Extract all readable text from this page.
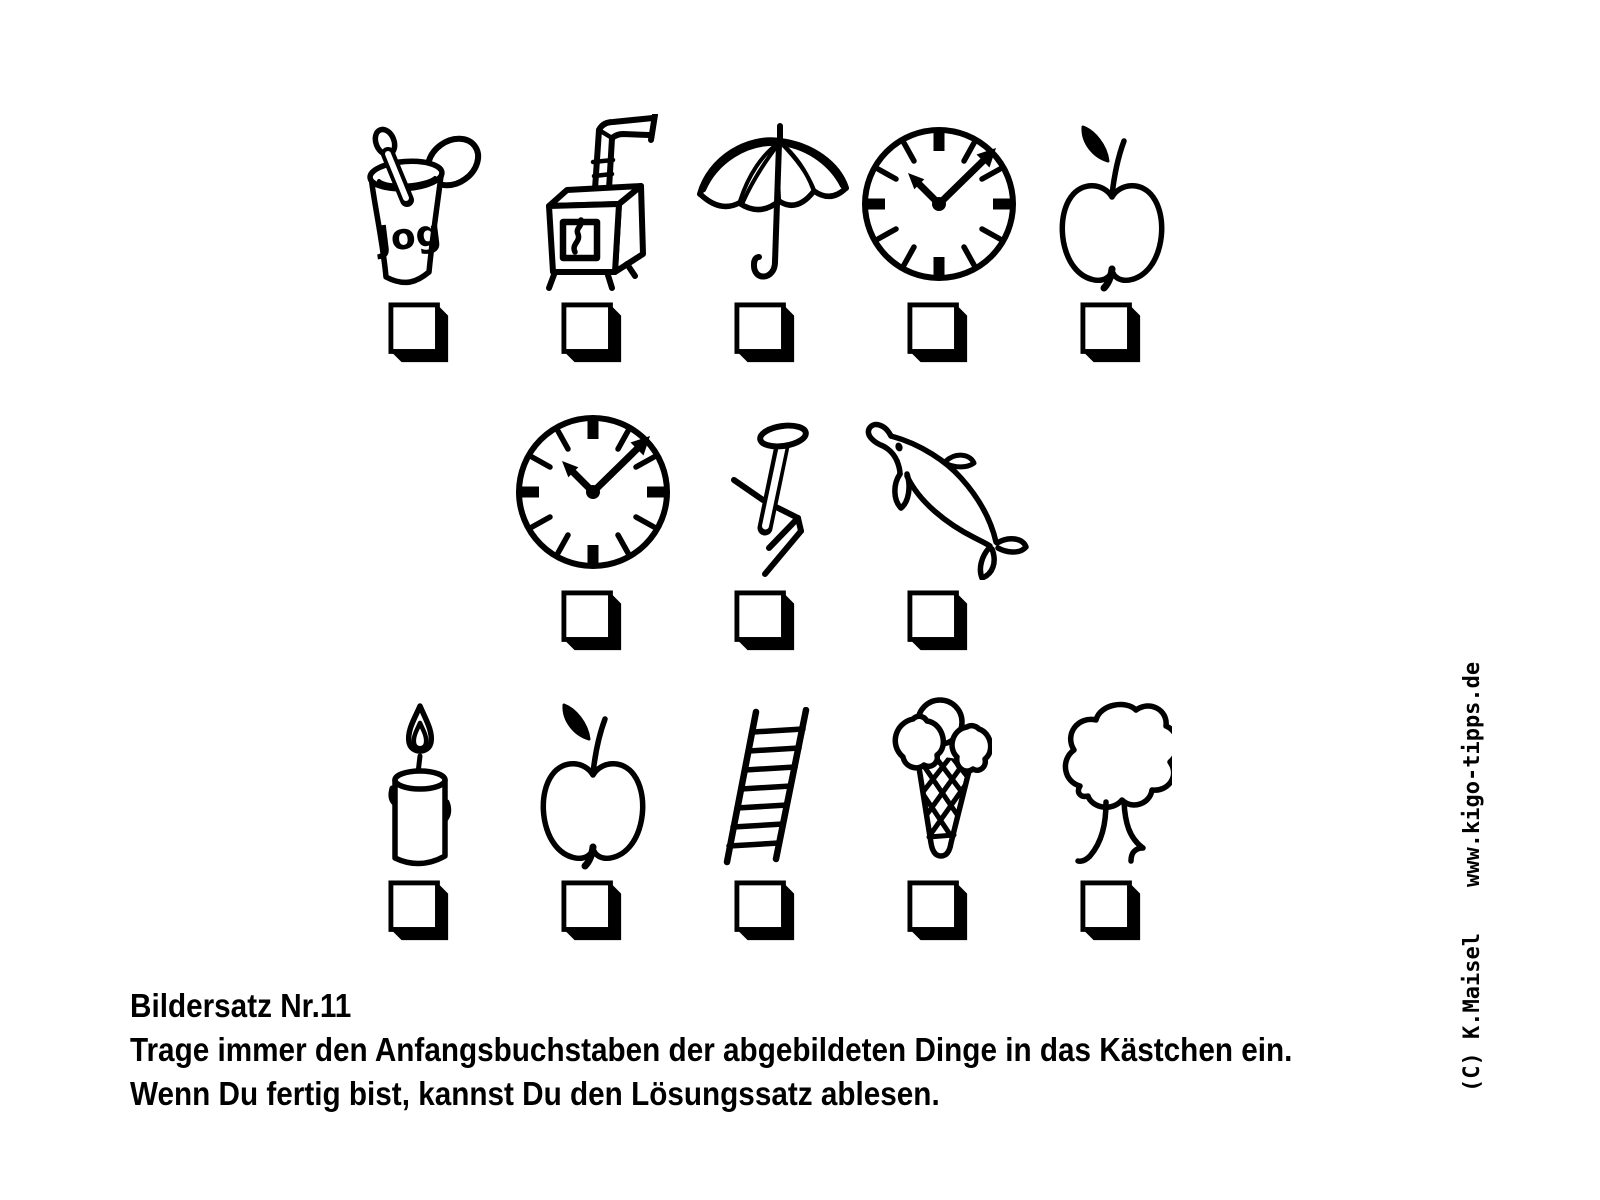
Bildersatz Nr.11
Trage immer den Anfangsbuchstaben der abgebildeten Dinge in das Kästchen ein.
Wenn Du fertig bist, kannst Du den Lösungssatz ablesen.
(C) K.Maisel
www.kigo-tipps.de
